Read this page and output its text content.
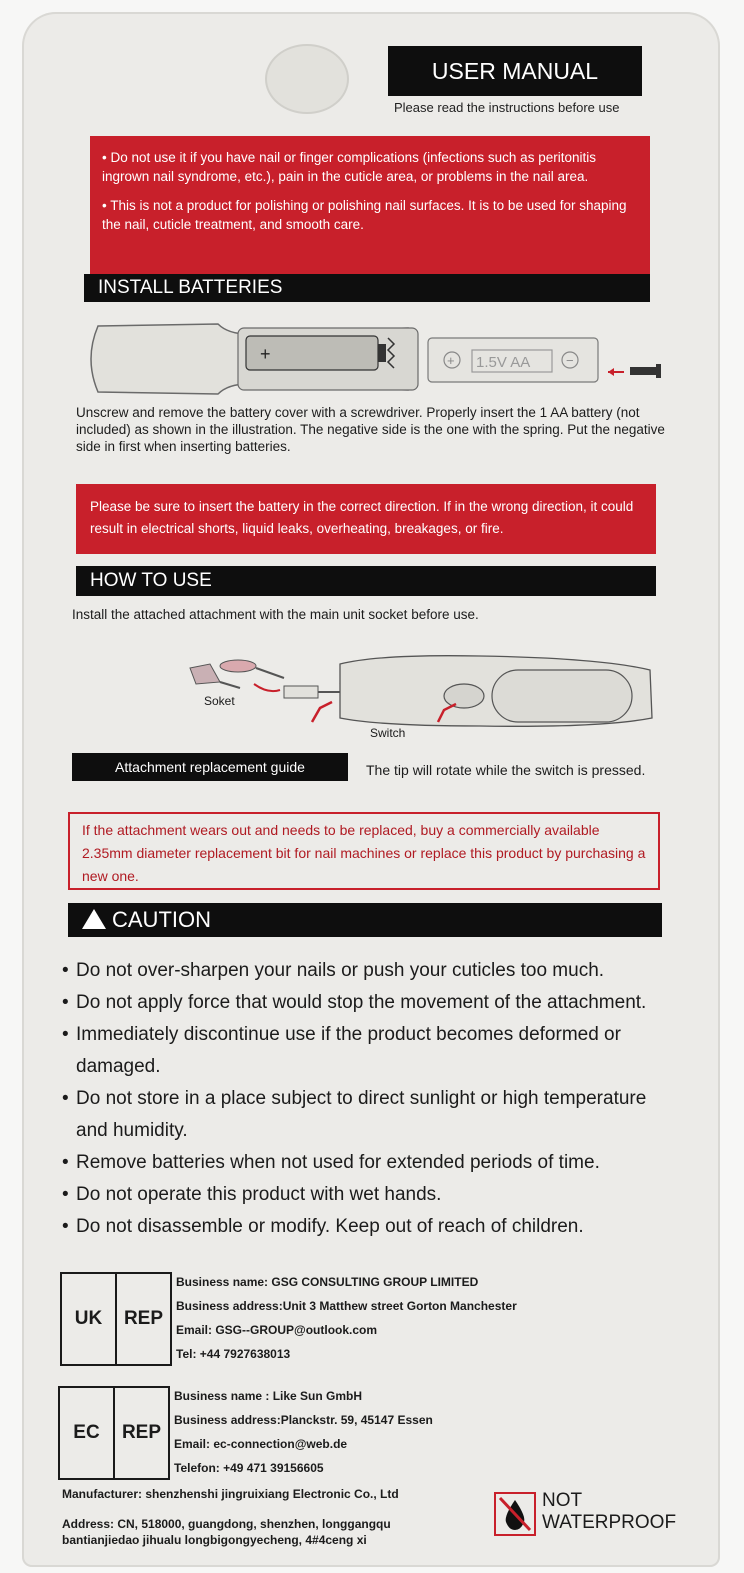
USER MANUAL
Please read the instructions before use

• Do not use it if you have nail or finger complications (infections such as peritonitis ingrown nail syndrome, etc.), pain in the cuticle area, or problems in the nail area.

• This is not a product for polishing or polishing nail surfaces. It is to be used for shaping the nail, cuticle treatment, and smooth care.

INSTALL BATTERIES
+	+ 1.5V AA	−
Unscrew and remove the battery cover with a screwdriver. Properly insert the 1 AA battery (not included) as shown in the illustration. The negative side is the one with the spring. Put the negative side in first when inserting batteries.
Please be sure to insert the battery in the correct direction. If in the wrong direction, it could result in electrical shorts, liquid leaks, overheating, breakages, or fire.
HOW TO USE
Install the attached attachment with the main unit socket before use.
Soket
Switch
Attachment replacement guide	The tip will rotate while the switch is pressed.
If the attachment wears out and needs to be replaced, buy a commercially available 2.35mm diameter replacement bit for nail machines or replace this product by purchasing a new one.
CAUTION
• Do not over-sharpen your nails or push your cuticles too much.
• Do not apply force that would stop the movement of the attachment.
• Immediately discontinue use if the product becomes deformed or damaged.
• Do not store in a place subject to direct sunlight or high temperature and humidity.
• Remove batteries when not used for extended periods of time.
• Do not operate this product with wet hands.
• Do not disassemble or modify. Keep out of reach of children.
UK	REP
Business name: GSG CONSULTING GROUP LIMITED
Business address:Unit 3 Matthew street Gorton Manchester
Email: GSG--GROUP@outlook.com
Tel: +44 7927638013
EC	REP
Business name : Like Sun GmbH
Business address:Planckstr. 59, 45147 Essen
Email: ec-connection@web.de
Telefon: +49 471 39156605
Manufacturer: shenzhenshi jingruixiang Electronic Co., Ltd
Address: CN, 518000, guangdong, shenzhen, longgangqu bantianjiedao jihualu longbigongyecheng, 4#4ceng xi
NOT
WATERPROOF
